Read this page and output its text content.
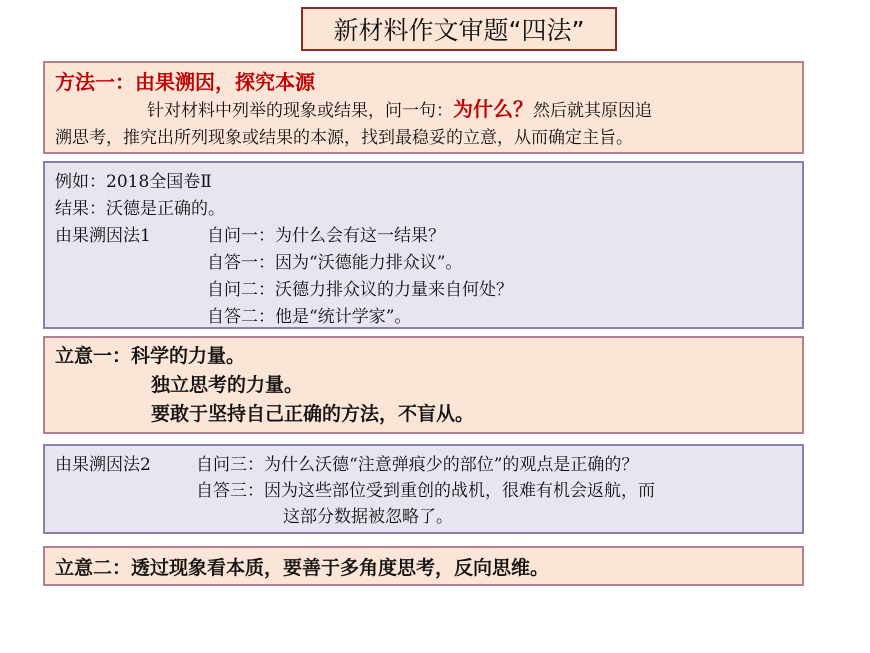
新材料作文审题“四法”
方法一：由果溯因，探究本源
针对材料中列举的现象或结果，问一句：为什么？然后就其原因追
溯思考，推究出所列现象或结果的本源，找到最稳妥的立意，从而确定主旨。
例如：2018全国卷Ⅱ
结果：沃德是正确的。
由果溯因法1	自问一：为什么会有这一结果？
自答一：因为“沃德能力排众议”。
自问二：沃德力排众议的力量来自何处？
自答二：他是“统计学家”。
立意一：科学的力量。
独立思考的力量。
要敢于坚持自己正确的方法，不盲从。
由果溯因法2	自问三：为什么沃德“注意弹痕少的部位”的观点是正确的？
自答三：因为这些部位受到重创的战机，很难有机会返航，而
这部分数据被忽略了。
立意二：透过现象看本质，要善于多角度思考，反向思维。
